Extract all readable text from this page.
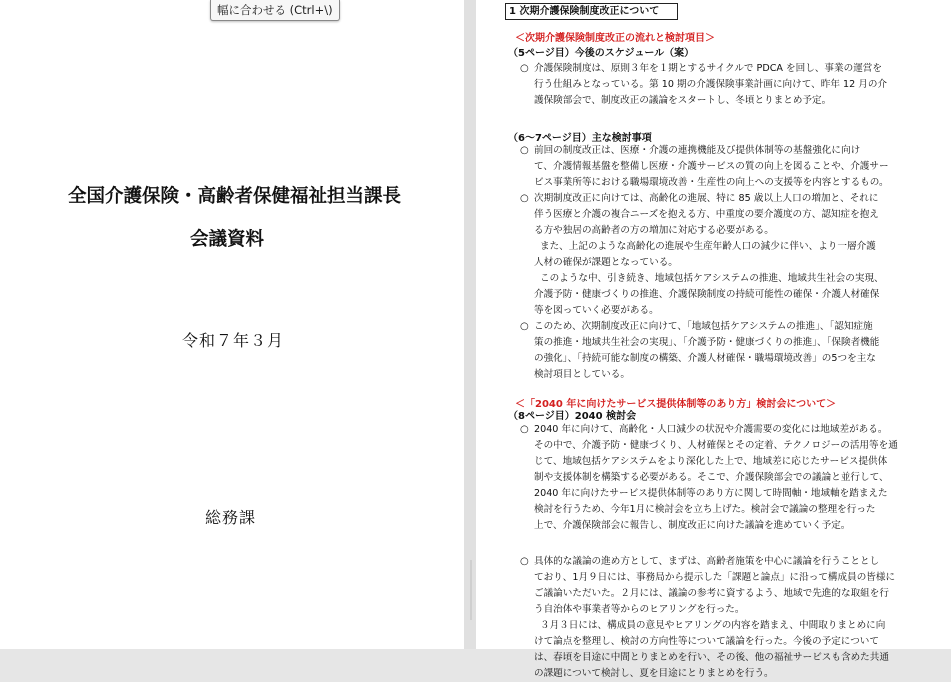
幅に合わせる (Ctrl+\)
全国介護保険・高齢者保健福祉担当課長
会議資料
令和７年３月
総務課
1 次期介護保険制度改正について
＜次期介護保険制度改正の流れと検討項目＞
（5ページ目）今後のスケジュール（案）
○ 介護保険制度は、原則３年を１期とするサイクルで PDCA を回し、事業の運営を
行う仕組みとなっている。第 10 期の介護保険事業計画に向けて、昨年 12 月の介
護保険部会で、制度改正の議論をスタートし、冬頃とりまとめ予定。
（6～7ページ目）主な検討事項
○ 前回の制度改正は、医療・介護の連携機能及び提供体制等の基盤強化に向け
て、介護情報基盤を整備し医療・介護サービスの質の向上を図ることや、介護サー
ビス事業所等における職場環境改善・生産性の向上への支援等を内容とするもの。
○ 次期制度改正に向けては、高齢化の進展、特に 85 歳以上人口の増加と、それに
伴う医療と介護の複合ニーズを抱える方、中重度の要介護度の方、認知症を抱え
る方や独居の高齢者の方の増加に対応する必要がある。
また、上記のような高齢化の進展や生産年齢人口の減少に伴い、より一層介護
人材の確保が課題となっている。
このような中、引き続き、地域包括ケアシステムの推進、地域共生社会の実現、
介護予防・健康づくりの推進、介護保険制度の持続可能性の確保・介護人材確保
等を図っていく必要がある。
○ このため、次期制度改正に向けて、「地域包括ケアシステムの推進」、「認知症施
策の推進・地域共生社会の実現」、「介護予防・健康づくりの推進」、「保険者機能
の強化」、「持続可能な制度の構築、介護人材確保・職場環境改善」の5つを主な
検討項目としている。
＜「2040 年に向けたサービス提供体制等のあり方」検討会について＞
（8ページ目）2040 検討会
○ 2040 年に向けて、高齢化・人口減少の状況や介護需要の変化には地域差がある。
その中で、介護予防・健康づくり、人材確保とその定着、テクノロジーの活用等を通
じて、地域包括ケアシステムをより深化した上で、地域差に応じたサービス提供体
制や支援体制を構築する必要がある。そこで、介護保険部会での議論と並行して、
2040 年に向けたサービス提供体制等のあり方に関して時間軸・地域軸を踏まえた
検討を行うため、今年1月に検討会を立ち上げた。検討会で議論の整理を行った
上で、介護保険部会に報告し、制度改正に向けた議論を進めていく予定。
○ 具体的な議論の進め方として、まずは、高齢者施策を中心に議論を行うこととし
ており、1月９日には、事務局から提示した「課題と論点」に沿って構成員の皆様に
ご議論いただいた。２月には、議論の参考に資するよう、地域で先進的な取組を行
う自治体や事業者等からのヒアリングを行った。
３月３日には、構成員の意見やヒアリングの内容を踏まえ、中間取りまとめに向
けて論点を整理し、検討の方向性等について議論を行った。今後の予定について
は、春頃を目途に中間とりまとめを行い、その後、他の福祉サービスも含めた共通
の課題について検討し、夏を目途にとりまとめを行う。
